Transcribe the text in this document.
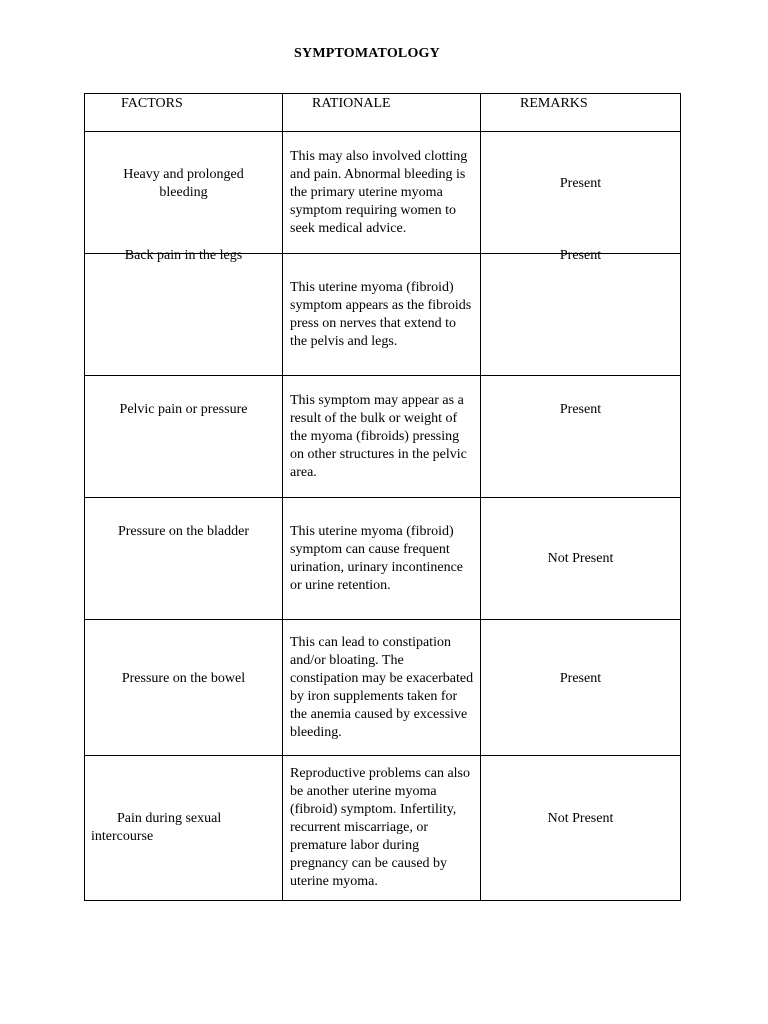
SYMPTOMATOLOGY
FACTORS	RATIONALE	REMARKS

Heavy and prolonged bleeding	This may also involved clotting and pain. Abnormal bleeding is the primary uterine myoma symptom requiring women to seek medical advice.	Present

Back pain in the legs	This uterine myoma (fibroid) symptom appears as the fibroids press on nerves that extend to the pelvis and legs.	Present

Pelvic pain or pressure	This symptom may appear as a result of the bulk or weight of the myoma (fibroids) pressing on other structures in the pelvic area.	Present

Pressure on the bladder	This uterine myoma (fibroid) symptom can cause frequent urination, urinary incontinence or urine retention.	Not Present

Pressure on the bowel	This can lead to constipation and/or bloating. The constipation may be exacerbated by iron supplements taken for the anemia caused by excessive bleeding.	Present

Pain during sexual intercourse	Reproductive problems can also be another uterine myoma (fibroid) symptom. Infertility, recurrent miscarriage, or premature labor during pregnancy can be caused by uterine myoma.	Not Present
